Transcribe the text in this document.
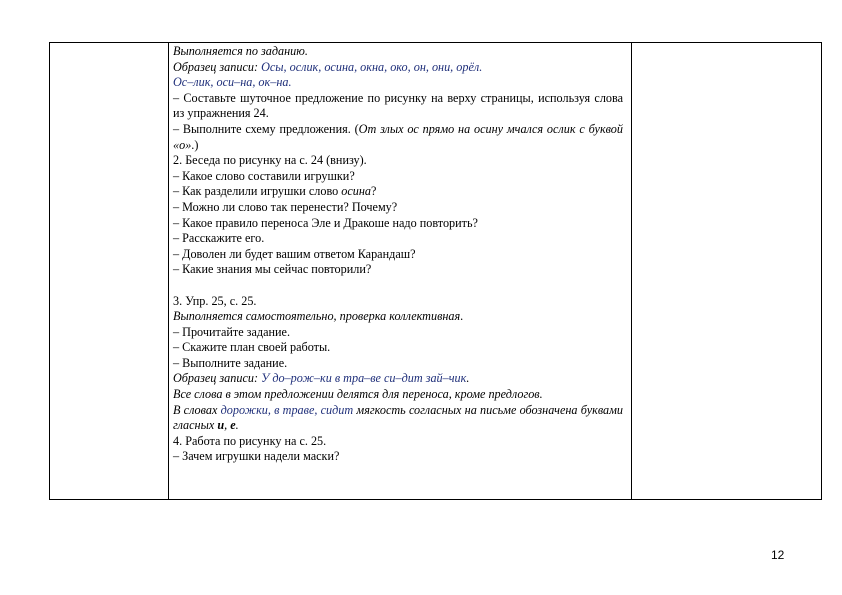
Выполняется по заданию.

Образец записи: Осы, ослик, осина, окна, око, он, они, орёл.

Ос–лик, оси–на, ок–на.

– Составьте шуточное предложение по рисунку на верху страницы, используя слова из упражнения 24.

– Выполните схему предложения. (От злых ос прямо на осину мчался ослик с буквой «о».)

2. Беседа по рисунку на с. 24 (внизу).

– Какое слово составили игрушки?

– Как разделили игрушки слово осина?

– Можно ли слово так перенести? Почему?

– Какое правило переноса Эле и Дракоше надо повторить?

– Расскажите его.

– Доволен ли будет вашим ответом Карандаш?

– Какие знания мы сейчас повторили?

3. Упр. 25, с. 25.

Выполняется самостоятельно, проверка коллективная.

– Прочитайте задание.

– Скажите план своей работы.

– Выполните задание.

Образец записи: У до–рож–ки в тра–ве си–дит зай–чик.

Все слова в этом предложении делятся для переноса, кроме предлогов.

В словах дорожки, в траве, сидит мягкость согласных на письме обозначена буквами гласных и, е.

4. Работа по рисунку на с. 25.

– Зачем игрушки надели маски?

12
